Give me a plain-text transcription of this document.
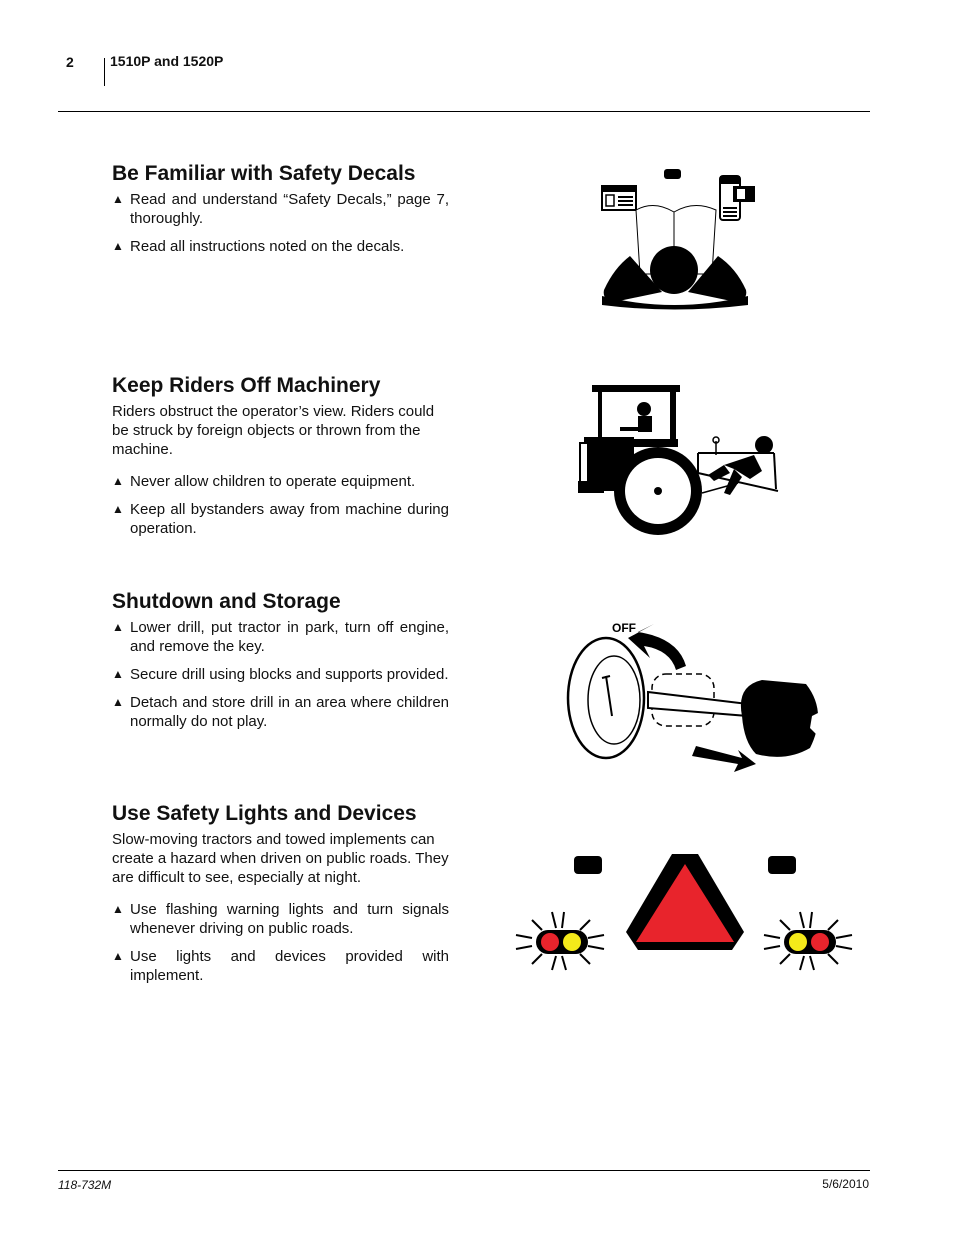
2	1510P and 1520P
Be Familiar with Safety Decals
▲ Read and understand “Safety Decals,” page 7, thoroughly.
▲ Read all instructions noted on the decals.
Keep Riders Off Machinery

Riders obstruct the operator’s view. Riders could be struck by foreign objects or thrown from the machine.

▲ Never allow children to operate equipment.
▲ Keep all bystanders away from machine during operation.
Shutdown and Storage
▲ Lower drill, put tractor in park, turn off engine, and remove the key.
▲ Secure drill using blocks and supports provided.
▲ Detach and store drill in an area where children normally do not play.
Use Safety Lights and Devices

Slow-moving tractors and towed implements can create a hazard when driven on public roads. They are difficult to see, especially at night.

▲ Use flashing warning lights and turn signals whenever driving on public roads.
▲ Use lights and devices provided with implement.
OFF
118-732M	5/6/2010
